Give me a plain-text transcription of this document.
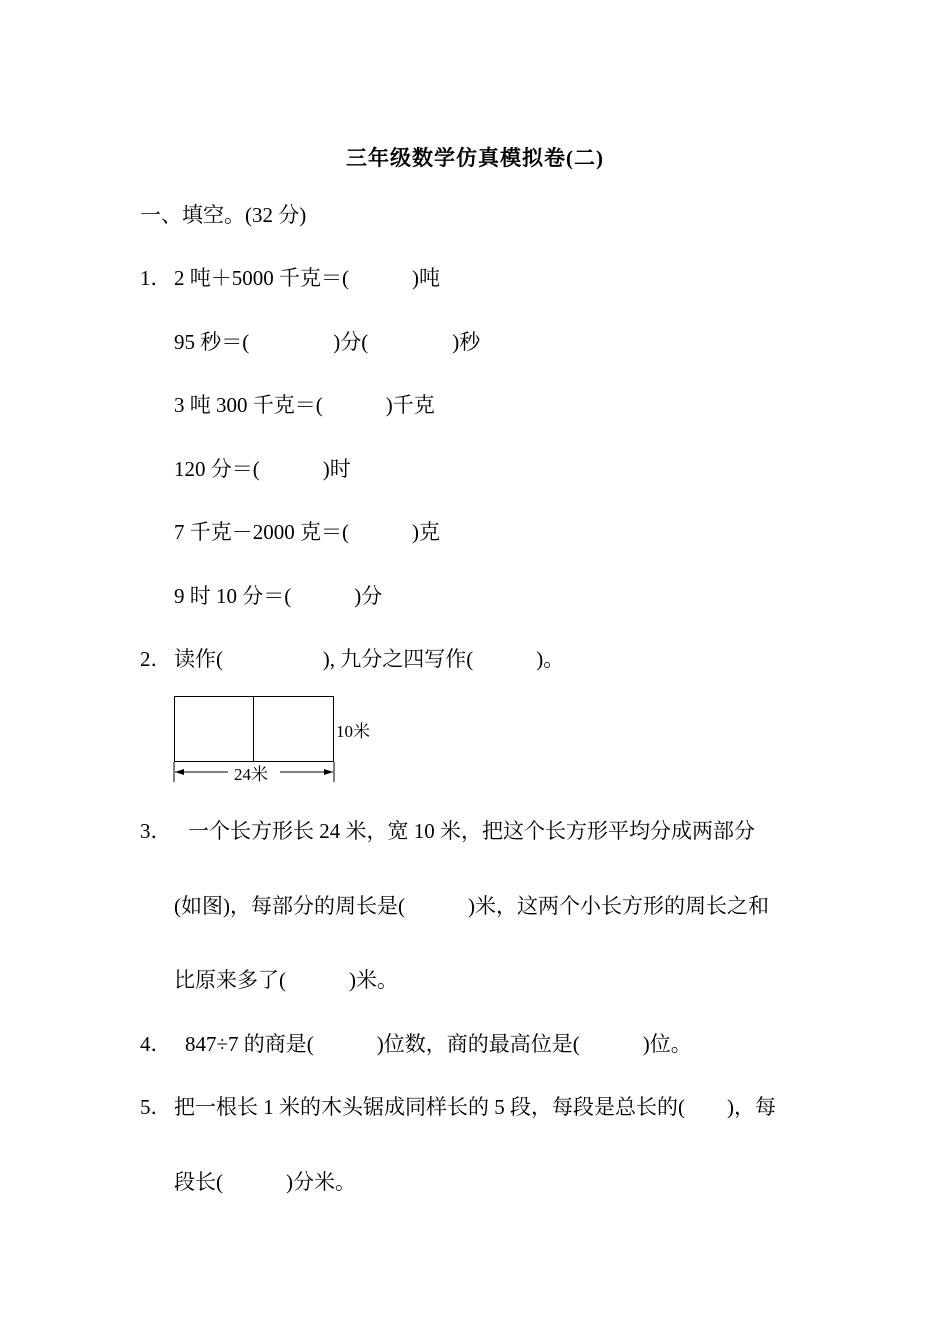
三年级数学仿真模拟卷(二)
一、填空。(32 分)
1． 2 吨＋5000 千克＝(            )吨
95 秒＝(                )分(                )秒
3 吨 300 千克＝(            )千克
120 分＝(            )时
7 千克－2000 克＝(            )克
9 时 10 分＝(            )分
2． 读作(                   ), 九分之四写作(            )。
10米
24米
3． 一个长方形长 24 米，宽 10 米，把这个长方形平均分成两部分
(如图)，每部分的周长是(            )米，这两个小长方形的周长之和
比原来多了(            )米。
4． 847÷7 的商是(            )位数，商的最高位是(            )位。
5． 把一根长 1 米的木头锯成同样长的 5 段，每段是总长的(        )，每
段长(            )分米。
